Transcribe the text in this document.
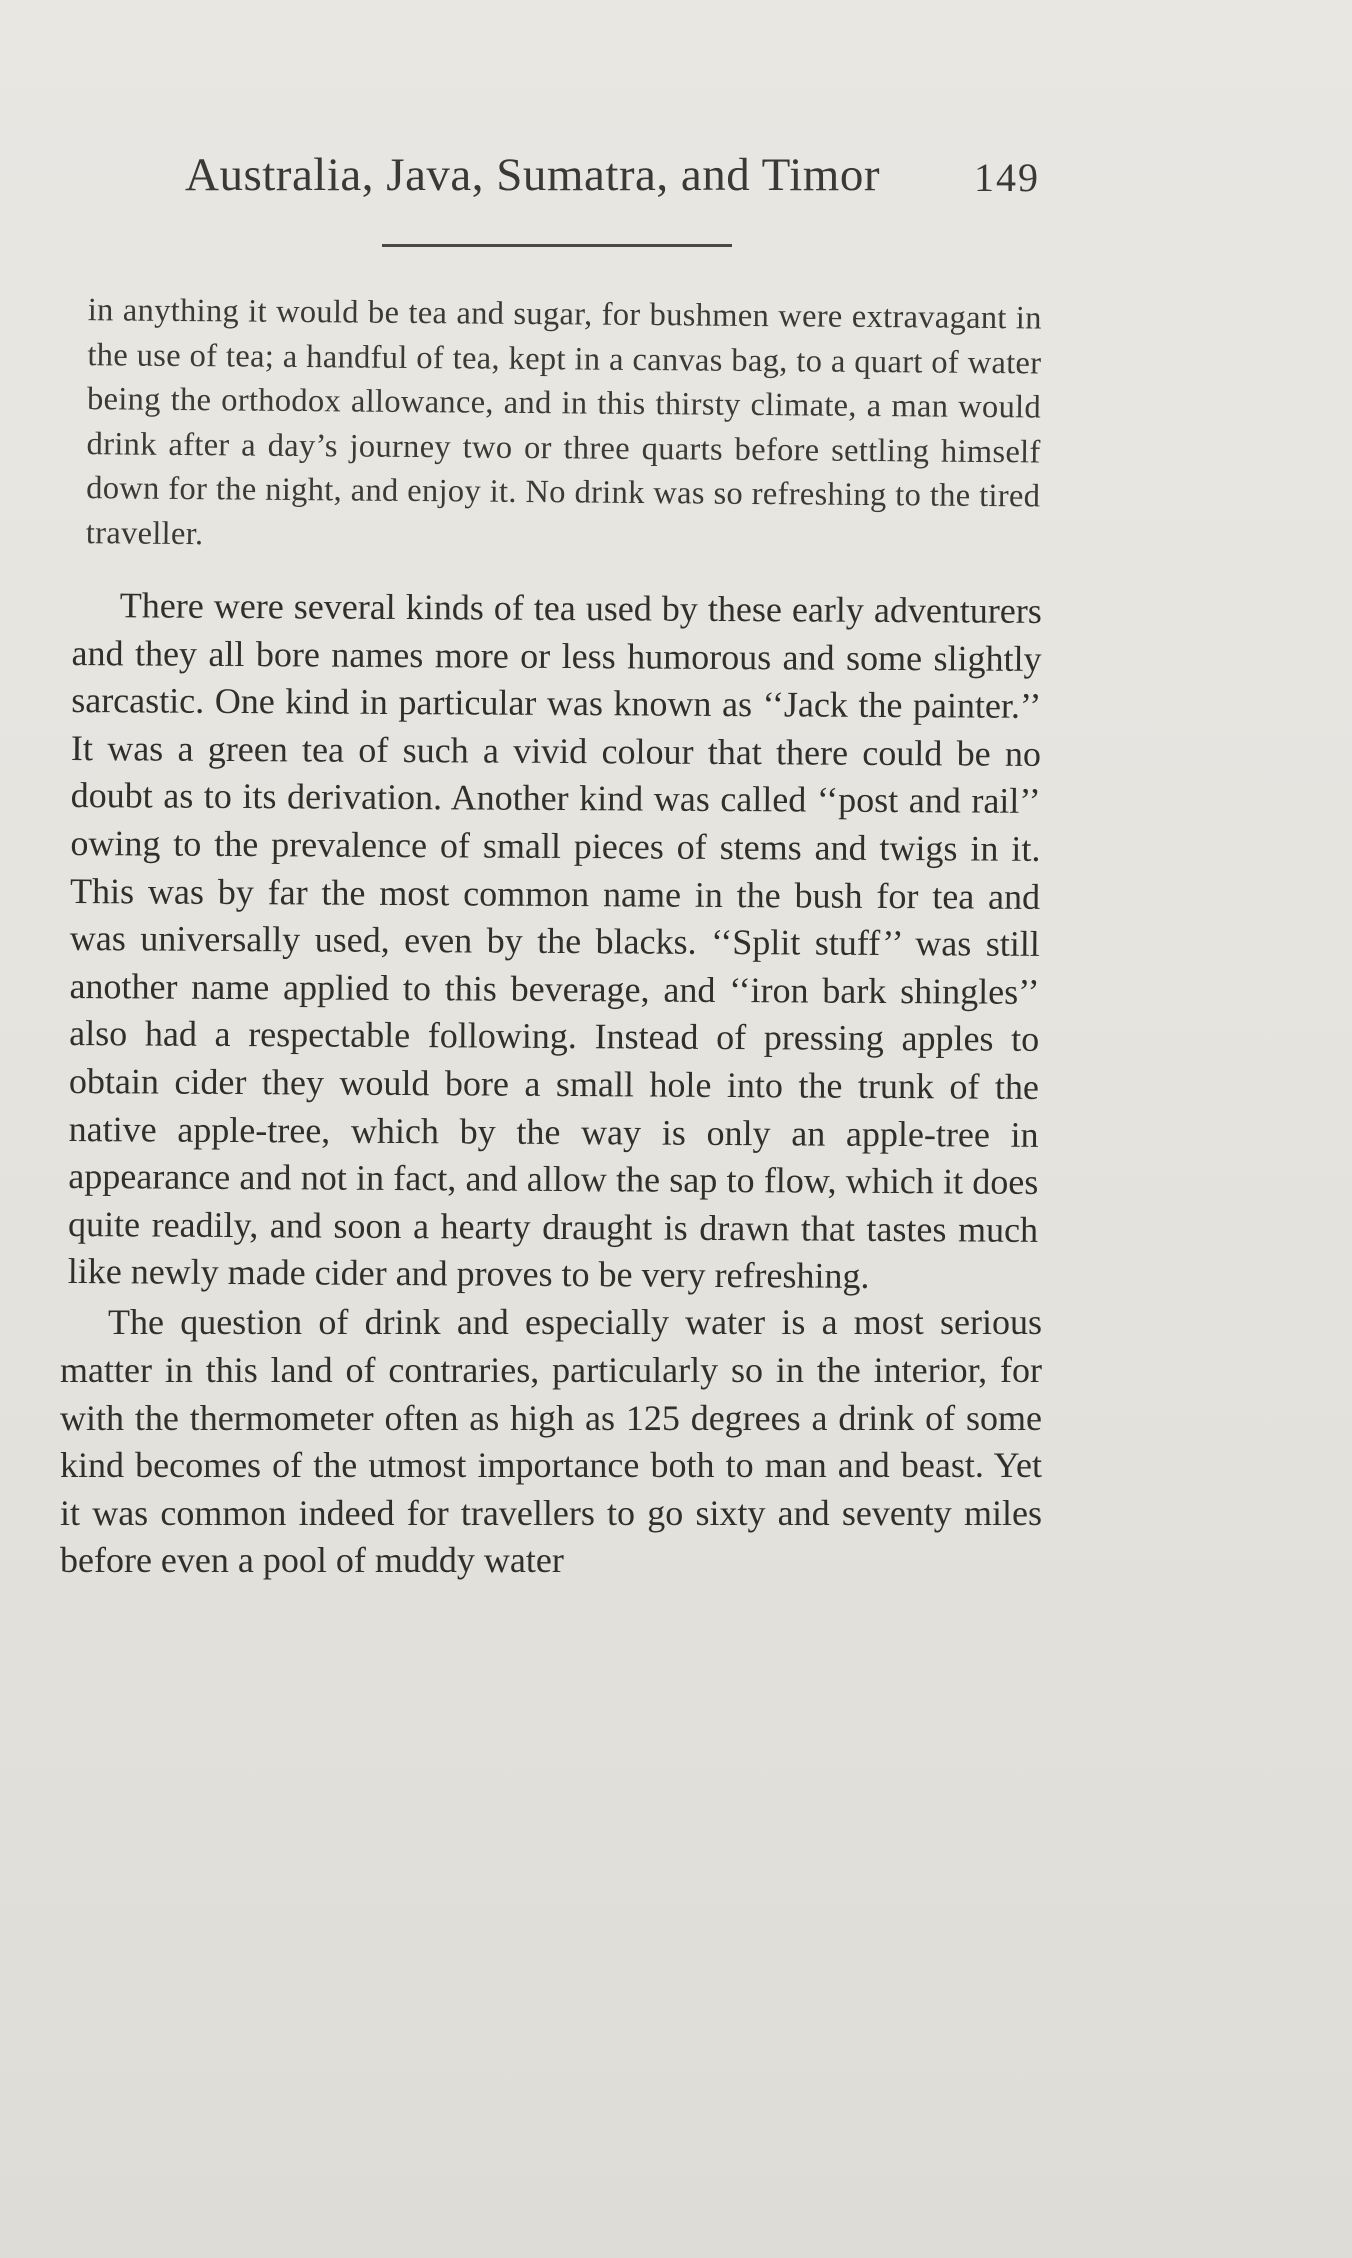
Australia, Java, Sumatra, and Timor 149

in anything it would be tea and sugar, for bushmen were extravagant in the use of tea; a handful of tea, kept in a canvas bag, to a quart of water being the orthodox allowance, and in this thirsty climate, a man would drink after a day’s journey two or three quarts before settling himself down for the night, and enjoy it. No drink was so refreshing to the tired traveller.

There were several kinds of tea used by these early adventurers and they all bore names more or less humorous and some slightly sarcastic. One kind in particular was known as ‘‘Jack the painter.’’ It was a green tea of such a vivid colour that there could be no doubt as to its derivation. Another kind was called ‘‘post and rail’’ owing to the prevalence of small pieces of stems and twigs in it. This was by far the most common name in the bush for tea and was universally used, even by the blacks. ‘‘Split stuff’’ was still another name applied to this beverage, and ‘‘iron bark shingles’’ also had a respectable following. Instead of pressing apples to obtain cider they would bore a small hole into the trunk of the native apple-tree, which by the way is only an apple-tree in appearance and not in fact, and allow the sap to flow, which it does quite readily, and soon a hearty draught is drawn that tastes much like newly made cider and proves to be very refreshing.

The question of drink and especially water is a most serious matter in this land of contraries, particularly so in the interior, for with the thermometer often as high as 125 degrees a drink of some kind becomes of the utmost importance both to man and beast. Yet it was common indeed for travellers to go sixty and seventy miles before even a pool of muddy water
